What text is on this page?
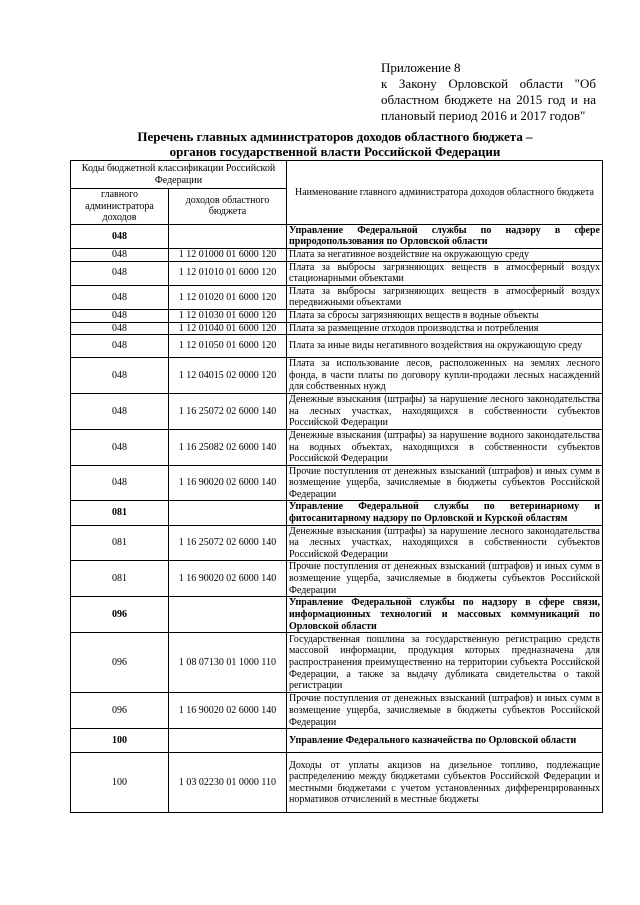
Приложение 8
к Закону Орловской области "Об областном бюджете на 2015 год и на плановый период 2016 и 2017 годов"
Перечень главных администраторов доходов областного бюджета –
органов государственной власти Российской Федерации
Коды бюджетной классификации Российской Федерации		Наименование главного администратора доходов областного бюджета
главного администратора доходов	доходов областного бюджета	
048		Управление Федеральной службы по надзору в сфере природопользования по Орловской области
048	1 12 01000 01 6000 120	Плата за негативное воздействие на окружающую среду
048	1 12 01010 01 6000 120	Плата за выбросы загрязняющих веществ в атмосферный воздух стационарными объектами
048	1 12 01020 01 6000 120	Плата за выбросы загрязняющих веществ в атмосферный воздух передвижными объектами
048	1 12 01030 01 6000 120	Плата за сбросы загрязняющих веществ в водные объекты
048	1 12 01040 01 6000 120	Плата за размещение отходов производства и потребления
048	1 12 01050 01 6000 120	Плата за иные виды негативного воздействия на окружающую среду
048	1 12 04015 02 0000 120	Плата за использование лесов, расположенных на землях лесного фонда, в части платы по договору купли-продажи лесных насаждений для собственных нужд
048	1 16 25072 02 6000 140	Денежные взыскания (штрафы) за нарушение лесного законодательства на лесных участках, находящихся в собственности субъектов Российской Федерации
048	1 16 25082 02 6000 140	Денежные взыскания (штрафы) за нарушение водного законодательства на водных объектах, находящихся в собственности субъектов Российской Федерации
048	1 16 90020 02 6000 140	Прочие поступления от денежных взысканий (штрафов) и иных сумм в возмещение ущерба, зачисляемые в бюджеты субъектов Российской Федерации
081		Управление Федеральной службы по ветеринарному и фитосанитарному надзору по Орловской и Курской областям
081	1 16 25072 02 6000 140	Денежные взыскания (штрафы) за нарушение лесного законодательства на лесных участках, находящихся в собственности субъектов Российской Федерации
081	1 16 90020 02 6000 140	Прочие поступления от денежных взысканий (штрафов) и иных сумм в возмещение ущерба, зачисляемые в бюджеты субъектов Российской Федерации
096		Управление Федеральной службы по надзору в сфере связи, информационных технологий и массовых коммуникаций по Орловской области
096	1 08 07130 01 1000 110	Государственная пошлина за государственную регистрацию средств массовой информации, продукция которых предназначена для распространения преимущественно на территории субъекта Российской Федерации, а также за выдачу дубликата свидетельства о такой регистрации
096	1 16 90020 02 6000 140	Прочие поступления от денежных взысканий (штрафов) и иных сумм в возмещение ущерба, зачисляемые в бюджеты субъектов Российской Федерации
100		Управление Федерального казначейства по Орловской области
100	1 03 02230 01 0000 110	Доходы от уплаты акцизов на дизельное топливо, подлежащие распределению между бюджетами субъектов Российской Федерации и местными бюджетами с учетом установленных дифференцированных нормативов отчислений в местные бюджеты
